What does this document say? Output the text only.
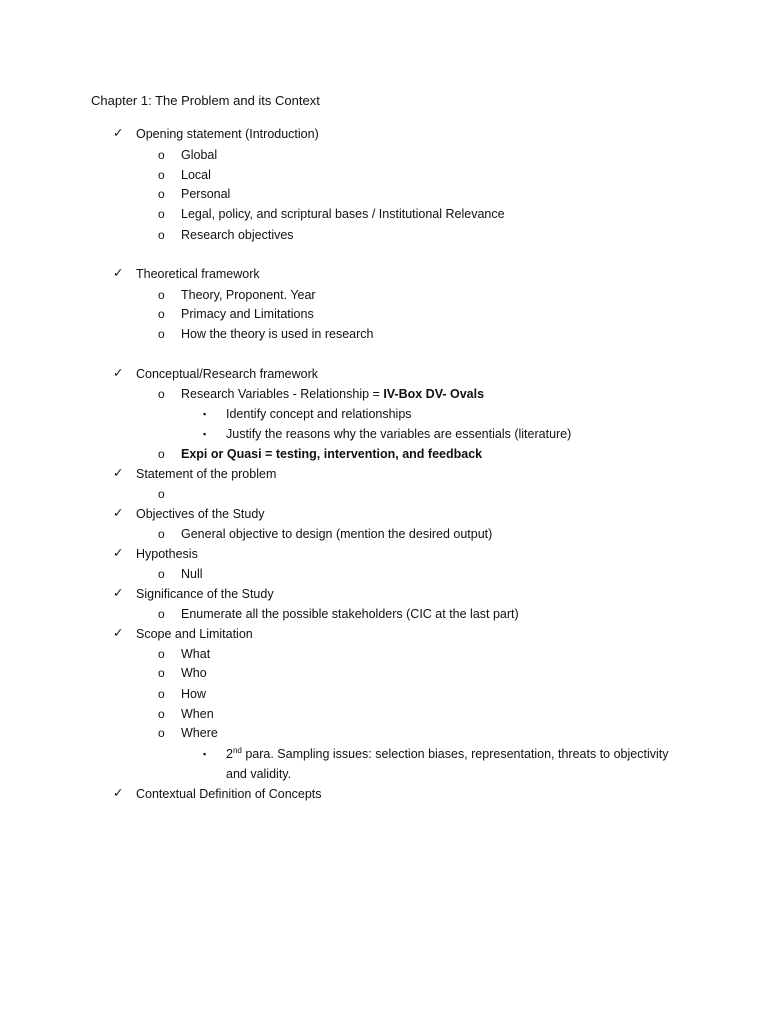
Chapter 1: The Problem and its Context
✓ Opening statement (Introduction)
o Global
o Local
o Personal
o Legal, policy, and scriptural bases / Institutional Relevance
o Research objectives
✓ Theoretical framework
o Theory, Proponent. Year
o Primacy and Limitations
o How the theory is used in research
✓ Conceptual/Research framework
o Research Variables - Relationship = IV-Box DV- Ovals
▪ Identify concept and relationships
▪ Justify the reasons why the variables are essentials (literature)
o Expi or Quasi = testing, intervention, and feedback
✓ Statement of the problem
o
✓ Objectives of the Study
o General objective to design (mention the desired output)
✓ Hypothesis
o Null
✓ Significance of the Study
o Enumerate all the possible stakeholders (CIC at the last part)
✓ Scope and Limitation
o What
o Who
o How
o When
o Where
▪ 2nd para. Sampling issues: selection biases, representation, threats to objectivity
and validity.
✓ Contextual Definition of Concepts
